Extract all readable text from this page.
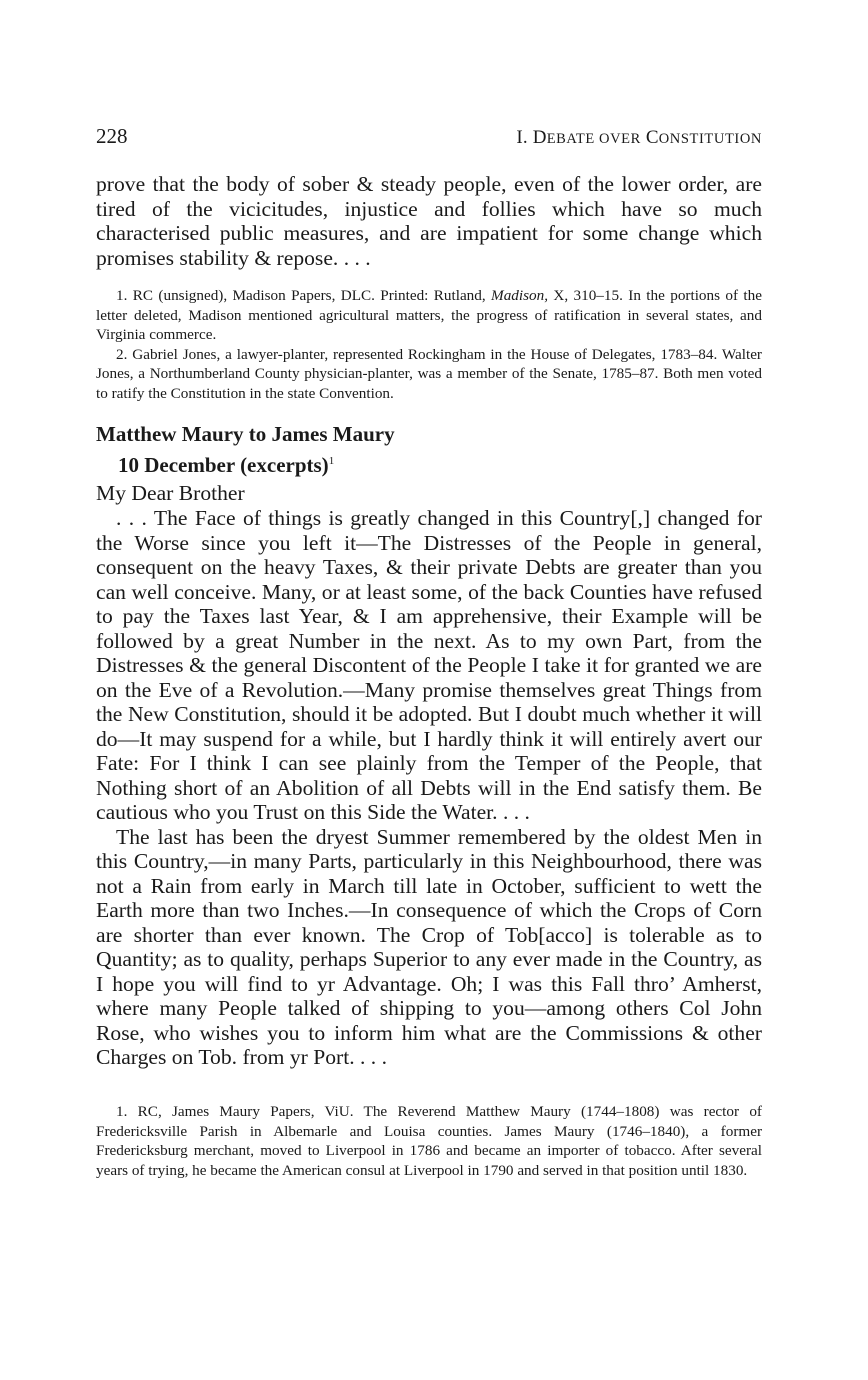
228	I. DEBATE OVER CONSTITUTION

prove that the body of sober & steady people, even of the lower order, are tired of the vicicitudes, injustice and follies which have so much characterised public measures, and are impatient for some change which promises stability & repose. . . .

1. RC (unsigned), Madison Papers, DLC. Printed: Rutland, Madison, X, 310–15. In the portions of the letter deleted, Madison mentioned agricultural matters, the progress of ratification in several states, and Virginia commerce.

2. Gabriel Jones, a lawyer-planter, represented Rockingham in the House of Delegates, 1783–84. Walter Jones, a Northumberland County physician-planter, was a member of the Senate, 1785–87. Both men voted to ratify the Constitution in the state Convention.

Matthew Maury to James Maury
10 December (excerpts)$^1$
My Dear Brother

. . . The Face of things is greatly changed in this Country[,] changed for the Worse since you left it—The Distresses of the People in general, consequent on the heavy Taxes, & their private Debts are greater than you can well conceive. Many, or at least some, of the back Counties have refused to pay the Taxes last Year, & I am apprehensive, their Example will be followed by a great Number in the next. As to my own Part, from the Distresses & the general Discontent of the People I take it for granted we are on the Eve of a Revolution.—Many promise themselves great Things from the New Constitution, should it be adopted. But I doubt much whether it will do—It may suspend for a while, but I hardly think it will entirely avert our Fate: For I think I can see plainly from the Temper of the People, that Nothing short of an Abolition of all Debts will in the End satisfy them. Be cautious who you Trust on this Side the Water. . . .

The last has been the dryest Summer remembered by the oldest Men in this Country,—in many Parts, particularly in this Neighbourhood, there was not a Rain from early in March till late in October, sufficient to wett the Earth more than two Inches.—In consequence of which the Crops of Corn are shorter than ever known. The Crop of Tob[acco] is tolerable as to Quantity; as to quality, perhaps Superior to any ever made in the Country, as I hope you will find to yr Advantage. Oh; I was this Fall thro’ Amherst, where many People talked of shipping to you—among others Col John Rose, who wishes you to inform him what are the Commissions & other Charges on Tob. from yr Port. . . .

1. RC, James Maury Papers, ViU. The Reverend Matthew Maury (1744–1808) was rector of Fredericksville Parish in Albemarle and Louisa counties. James Maury (1746–1840), a former Fredericksburg merchant, moved to Liverpool in 1786 and became an importer of tobacco. After several years of trying, he became the American consul at Liverpool in 1790 and served in that position until 1830.
